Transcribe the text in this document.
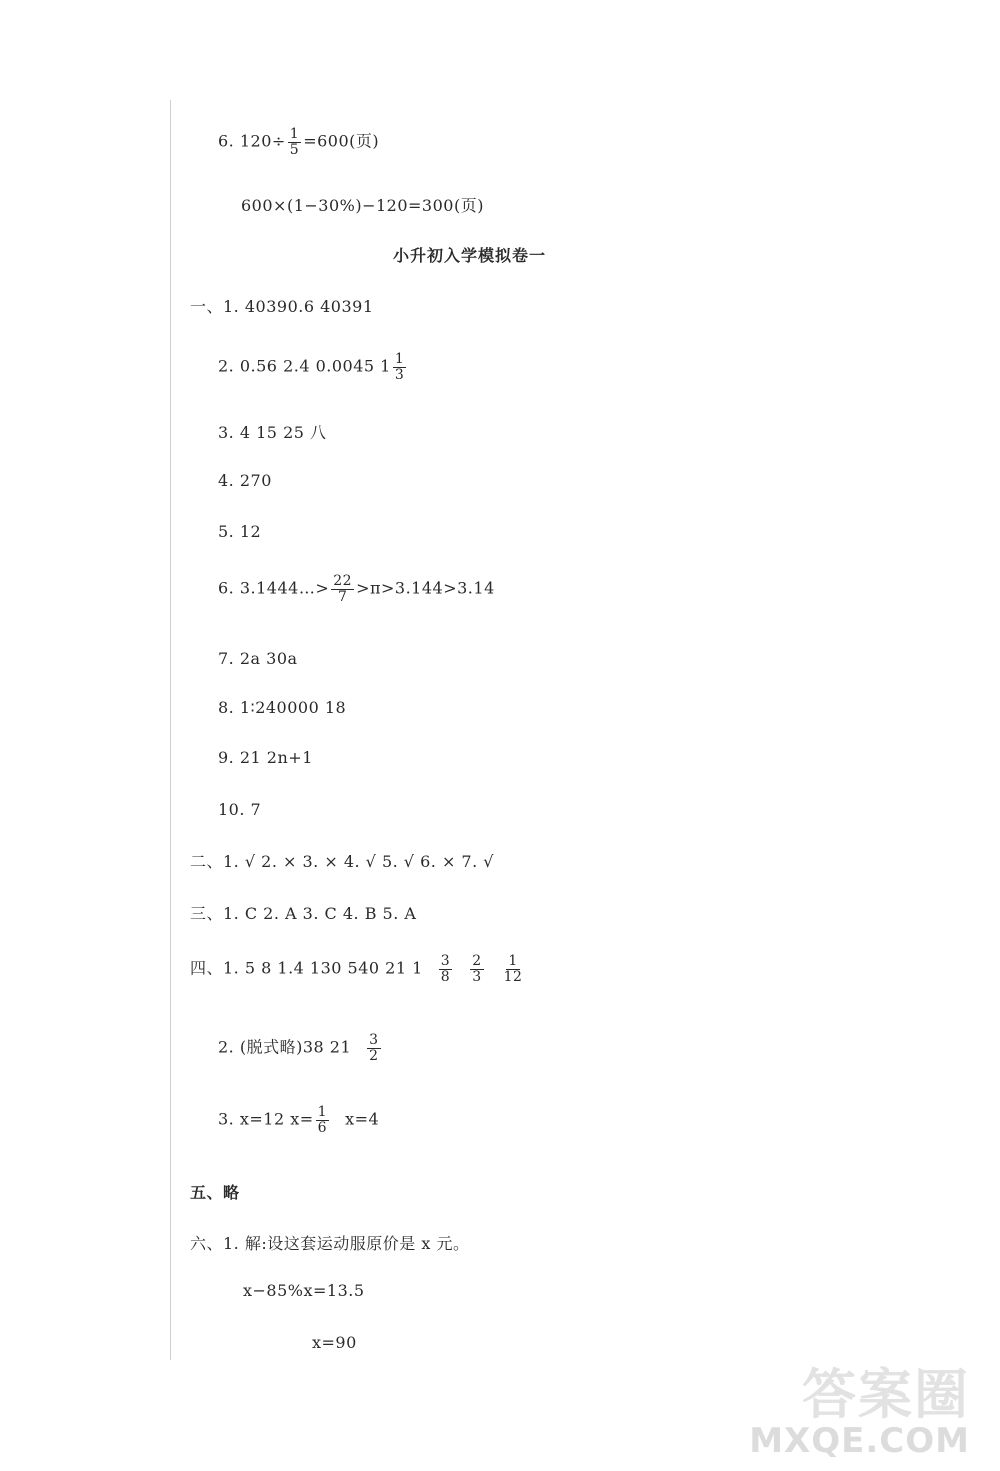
6. $120\div \frac{1}{5} =600$(页)
600×(1−30%)−120=300(页)
小升初入学模拟卷一
一、1. 40390.6 40391
2. 0.56 2.4 0.0045 $1 \frac{1}{3}$
3. 4 15 25 八
4. 270
5. 12
6. 3.1444…> $\frac{22}{7}$ >π>3.14̇4̇>3.14
7. 2a 30a
8. 1∶240000 18
9. 21 2n+1
10. 7
二、1. √ 2. × 3. × 4. √ 5. √ 6. × 7. √
三、1. C 2. A 3. C 4. B 5. A
四、1. 5 8 1.4 130 540 21 $1 \frac{3}{8} \frac{2}{3} \frac{1}{12}$
2. (脱式略)38 $21 \frac{3}{2}$
3. x=12 $x= \frac{1}{6} x=4$
五、略
六、1. 解:设这套运动服原价是 x 元。
x−85%x=13.5
x=90
答案圈
MXQE.COM
